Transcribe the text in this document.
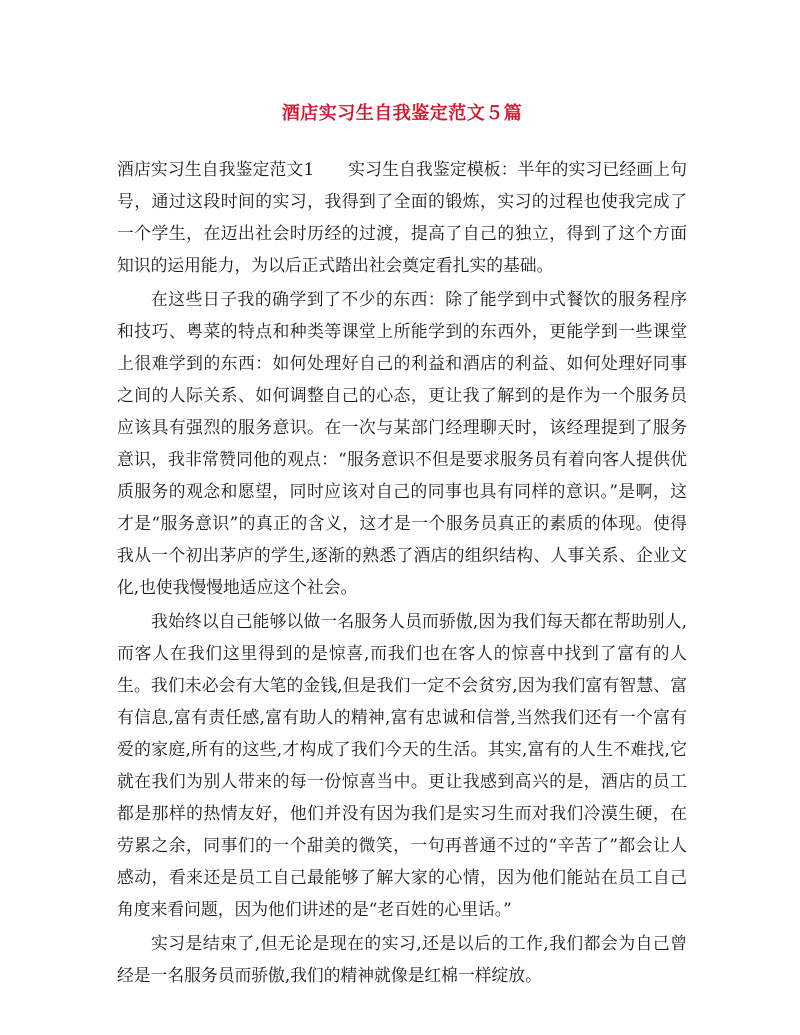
酒店实习生自我鉴定范文５篇

酒店实习生自我鉴定范文1　　实习生自我鉴定模板：半年的实习已经画上句号，通过这段时间的实习，我得到了全面的锻炼，实习的过程也使我完成了一个学生，在迈出社会时历经的过渡，提高了自己的独立，得到了这个方面知识的运用能力，为以后正式踏出社会奠定看扎实的基础。

在这些日子我的确学到了不少的东西：除了能学到中式餐饮的服务程序和技巧、粤菜的特点和种类等课堂上所能学到的东西外，更能学到一些课堂上很难学到的东西：如何处理好自己的利益和酒店的利益、如何处理好同事之间的人际关系、如何调整自己的心态，更让我了解到的是作为一个服务员应该具有强烈的服务意识。在一次与某部门经理聊天时，该经理提到了服务意识，我非常赞同他的观点：“服务意识不但是要求服务员有着向客人提供优质服务的观念和愿望，同时应该对自己的同事也具有同样的意识。”是啊，这才是“服务意识”的真正的含义，这才是一个服务员真正的素质的体现。使得我从一个初出茅庐的学生,逐渐的熟悉了酒店的组织结构、人事关系、企业文化,也使我慢慢地适应这个社会。

我始终以自己能够以做一名服务人员而骄傲,因为我们每天都在帮助别人,而客人在我们这里得到的是惊喜,而我们也在客人的惊喜中找到了富有的人生。我们未必会有大笔的金钱,但是我们一定不会贫穷,因为我们富有智慧、富有信息,富有责任感,富有助人的精神,富有忠诚和信誉,当然我们还有一个富有爱的家庭,所有的这些,才构成了我们今天的生活。其实,富有的人生不难找,它就在我们为别人带来的每一份惊喜当中。更让我感到高兴的是，酒店的员工都是那样的热情友好，他们并没有因为我们是实习生而对我们冷漠生硬，在劳累之余，同事们的一个甜美的微笑，一句再普通不过的“辛苦了”都会让人感动，看来还是员工自己最能够了解大家的心情，因为他们能站在员工自己角度来看问题，因为他们讲述的是“老百姓的心里话。”

实习是结束了,但无论是现在的实习,还是以后的工作,我们都会为自己曾经是一名服务员而骄傲,我们的精神就像是红棉一样绽放。
